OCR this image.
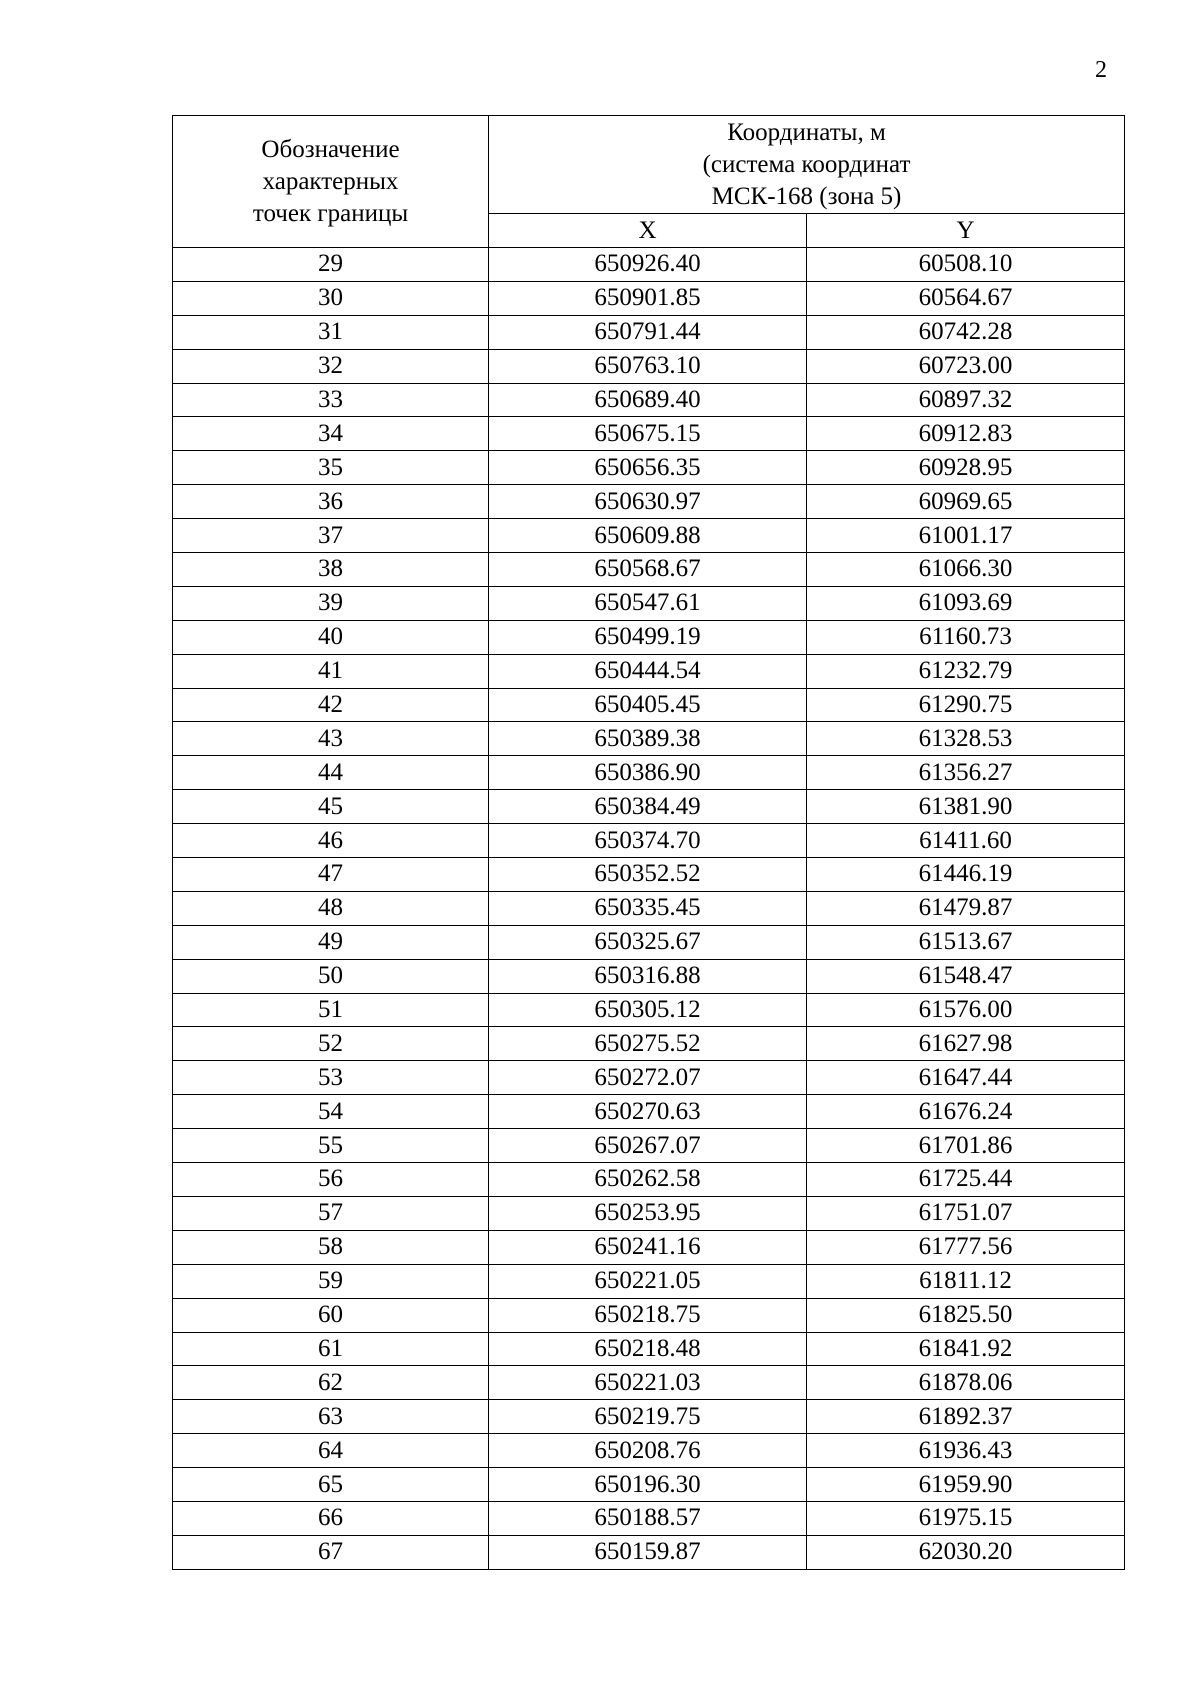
2
Обозначение
характерных
точек границы	Координаты, м
(система координат
МСК-168 (зона 5)	

	X	Y
29	650926.40	60508.10
30	650901.85	60564.67
31	650791.44	60742.28
32	650763.10	60723.00
33	650689.40	60897.32
34	650675.15	60912.83
35	650656.35	60928.95
36	650630.97	60969.65
37	650609.88	61001.17
38	650568.67	61066.30
39	650547.61	61093.69
40	650499.19	61160.73
41	650444.54	61232.79
42	650405.45	61290.75
43	650389.38	61328.53
44	650386.90	61356.27
45	650384.49	61381.90
46	650374.70	61411.60
47	650352.52	61446.19
48	650335.45	61479.87
49	650325.67	61513.67
50	650316.88	61548.47
51	650305.12	61576.00
52	650275.52	61627.98
53	650272.07	61647.44
54	650270.63	61676.24
55	650267.07	61701.86
56	650262.58	61725.44
57	650253.95	61751.07
58	650241.16	61777.56
59	650221.05	61811.12
60	650218.75	61825.50
61	650218.48	61841.92
62	650221.03	61878.06
63	650219.75	61892.37
64	650208.76	61936.43
65	650196.30	61959.90
66	650188.57	61975.15
67	650159.87	62030.20
